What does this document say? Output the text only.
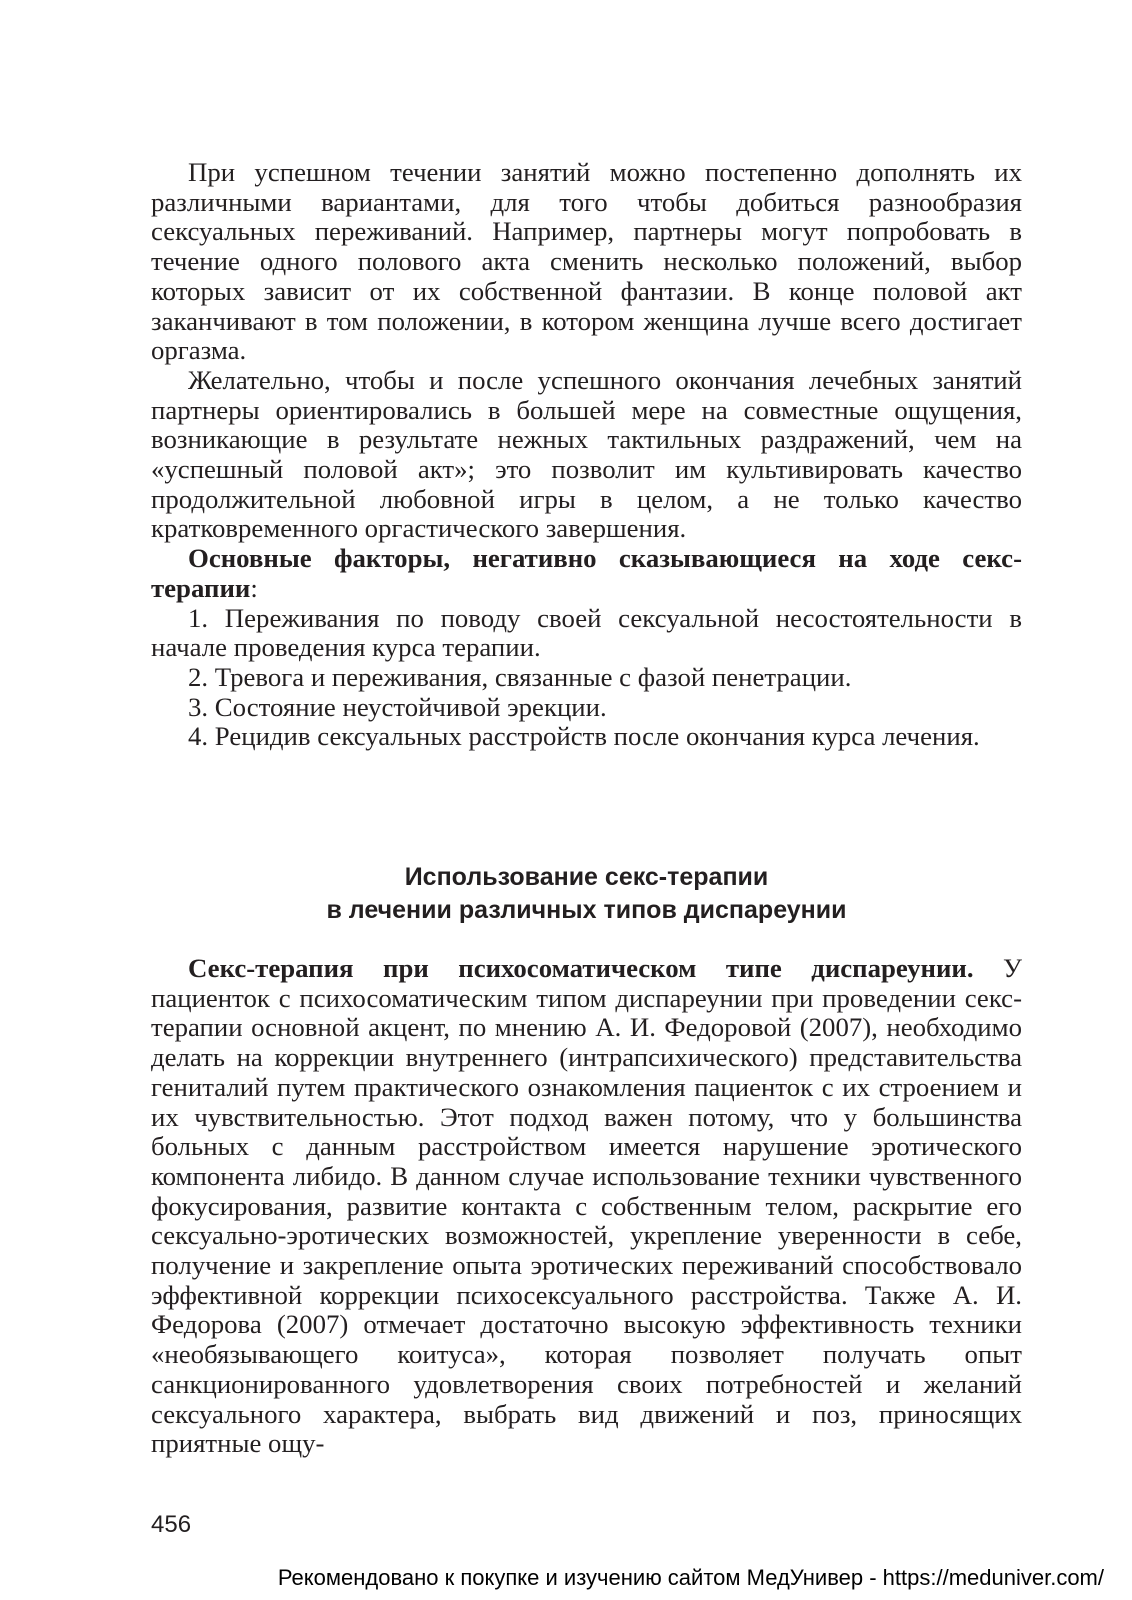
При успешном течении занятий можно постепенно дополнять их различными вариантами, для того чтобы добиться разнообразия сексуальных переживаний. Например, партнеры могут попробовать в течение одного полового акта сменить несколько положений, выбор которых зависит от их собственной фантазии. В конце половой акт заканчивают в том положении, в котором женщина лучше всего достигает оргазма.

Желательно, чтобы и после успешного окончания лечебных занятий партнеры ориентировались в большей мере на совместные ощущения, возникающие в результате нежных тактильных раздражений, чем на «успешный половой акт»; это позволит им культивировать качество продолжительной любовной игры в целом, а не только качество кратковременного оргастического завершения.

Основные факторы, негативно сказывающиеся на ходе секс-терапии:

1. Переживания по поводу своей сексуальной несостоятельности в начале проведения курса терапии.

2. Тревога и переживания, связанные с фазой пенетрации.

3. Состояние неустойчивой эрекции.

4. Рецидив сексуальных расстройств после окончания курса лечения.

Использование секс-терапии
в лечении различных типов диспареунии

Секс-терапия при психосоматическом типе диспареунии. У пациенток с психосоматическим типом диспареунии при проведении секс-терапии основной акцент, по мнению А. И. Федоровой (2007), необходимо делать на коррекции внутреннего (интрапсихического) представительства гениталий путем практического ознакомления пациенток с их строением и их чувствительностью. Этот подход важен потому, что у большинства больных с данным расстройством имеется нарушение эротического компонента либидо. В данном случае использование техники чувственного фокусирования, развитие контакта с собственным телом, раскрытие его сексуально-эротических возможностей, укрепление уверенности в себе, получение и закрепление опыта эротических переживаний способствовало эффективной коррекции психосексуального расстройства. Также А. И. Федорова (2007) отмечает достаточно высокую эффективность техники «необязывающего коитуса», которая позволяет получать опыт санкционированного удовлетворения своих потребностей и желаний сексуального характера, выбрать вид движений и поз, приносящих приятные ощу-

456
Рекомендовано к покупке и изучению сайтом МедУнивер - https://meduniver.com/
